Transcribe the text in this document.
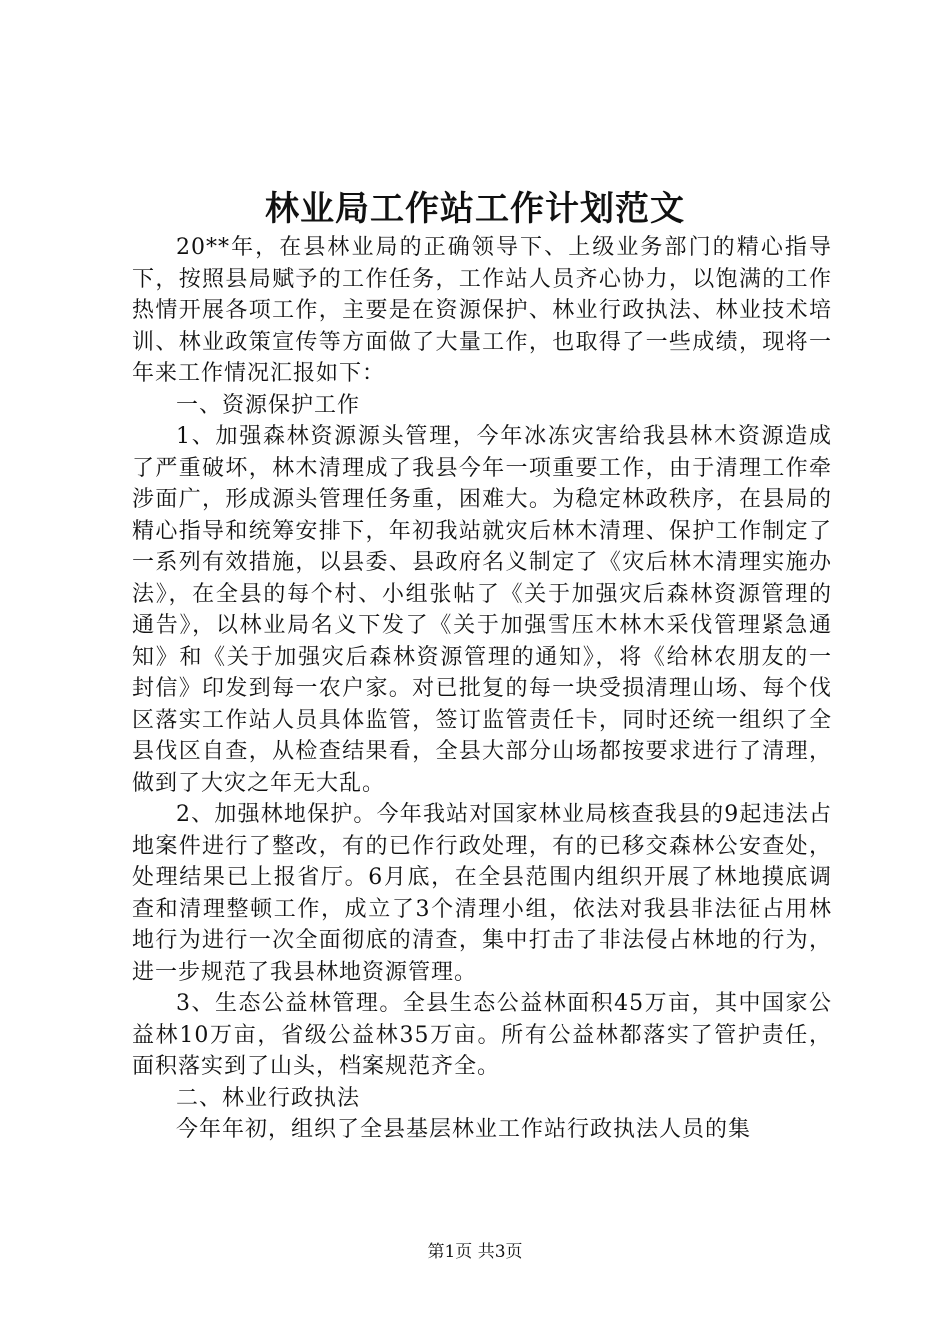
林业局工作站工作计划范文

20**年，在县林业局的正确领导下、上级业务部门的精心指导下，按照县局赋予的工作任务，工作站人员齐心协力，以饱满的工作热情开展各项工作，主要是在资源保护、林业行政执法、林业技术培训、林业政策宣传等方面做了大量工作，也取得了一些成绩，现将一年来工作情况汇报如下：

一、资源保护工作

1、加强森林资源源头管理，今年冰冻灾害给我县林木资源造成了严重破坏，林木清理成了我县今年一项重要工作，由于清理工作牵涉面广，形成源头管理任务重，困难大。为稳定林政秩序，在县局的精心指导和统筹安排下，年初我站就灾后林木清理、保护工作制定了一系列有效措施，以县委、县政府名义制定了《灾后林木清理实施办法》，在全县的每个村、小组张帖了《关于加强灾后森林资源管理的通告》，以林业局名义下发了《关于加强雪压木林木采伐管理紧急通知》和《关于加强灾后森林资源管理的通知》，将《给林农朋友的一封信》印发到每一农户家。对已批复的每一块受损清理山场、每个伐区落实工作站人员具体监管，签订监管责任卡，同时还统一组织了全县伐区自查，从检查结果看，全县大部分山场都按要求进行了清理，做到了大灾之年无大乱。

2、加强林地保护。今年我站对国家林业局核查我县的9起违法占地案件进行了整改，有的已作行政处理，有的已移交森林公安查处，处理结果已上报省厅。6月底，在全县范围内组织开展了林地摸底调查和清理整顿工作，成立了3个清理小组，依法对我县非法征占用林地行为进行一次全面彻底的清查，集中打击了非法侵占林地的行为，进一步规范了我县林地资源管理。

3、生态公益林管理。全县生态公益林面积45万亩，其中国家公益林10万亩，省级公益林35万亩。所有公益林都落实了管护责任，面积落实到了山头，档案规范齐全。

二、林业行政执法

今年年初，组织了全县基层林业工作站行政执法人员的集

第1页 共3页
